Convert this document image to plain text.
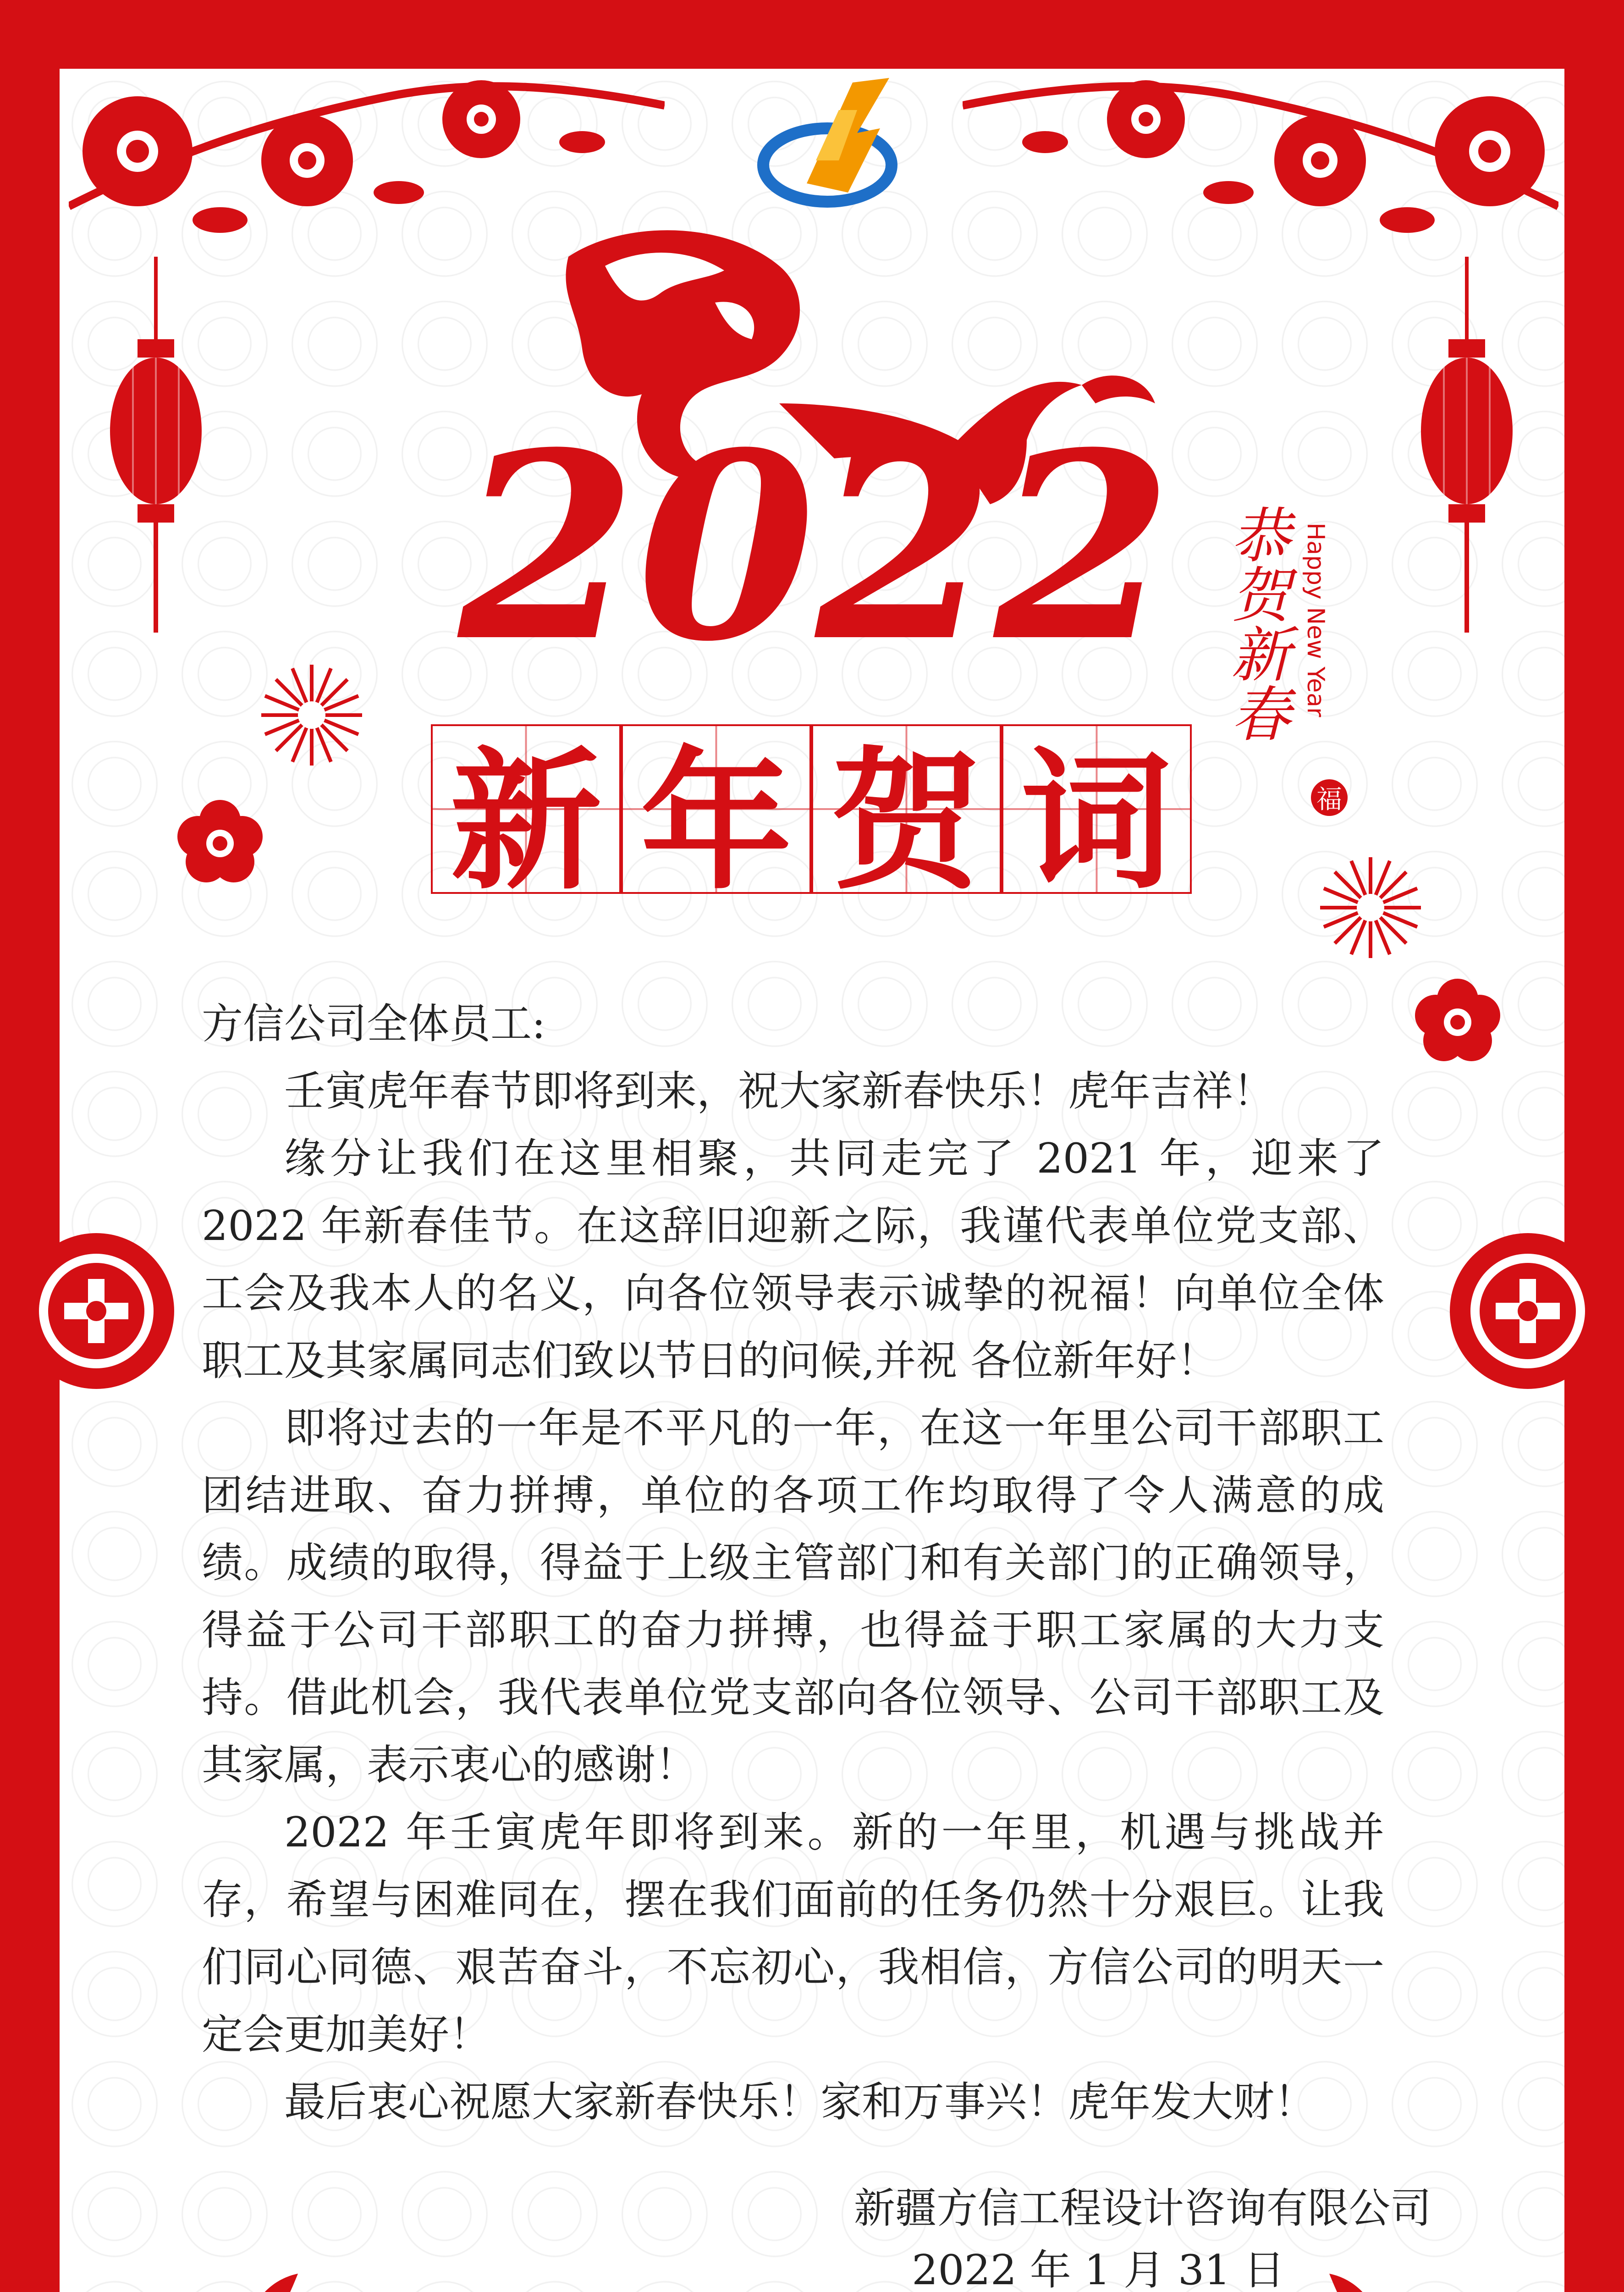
2022
新 年 贺 词
恭贺新春 Happy New Year
福

方信公司全体员工:

壬寅虎年春节即将到来，祝大家新春快乐！虎年吉祥！

缘分让我们在这里相聚，共同走完了 2021 年，迎来了 2022 年新春佳节。在这辞旧迎新之际，我谨代表单位党支部、工会及我本人的名义，向各位领导表示诚挚的祝福！向单位全体职工及其家属同志们致以节日的问候,并祝 各位新年好！

即将过去的一年是不平凡的一年，在这一年里公司干部职工团结进取、奋力拼搏，单位的各项工作均取得了令人满意的成绩。成绩的取得，得益于上级主管部门和有关部门的正确领导，得益于公司干部职工的奋力拼搏，也得益于职工家属的大力支持。借此机会，我代表单位党支部向各位领导、公司干部职工及其家属，表示衷心的感谢！

2022 年壬寅虎年即将到来。新的一年里，机遇与挑战并存，希望与困难同在，摆在我们面前的任务仍然十分艰巨。让我们同心同德、艰苦奋斗，不忘初心，我相信，方信公司的明天一定会更加美好！

最后衷心祝愿大家新春快乐！家和万事兴！虎年发大财！

新疆方信工程设计咨询有限公司
2022 年 1 月 31 日
